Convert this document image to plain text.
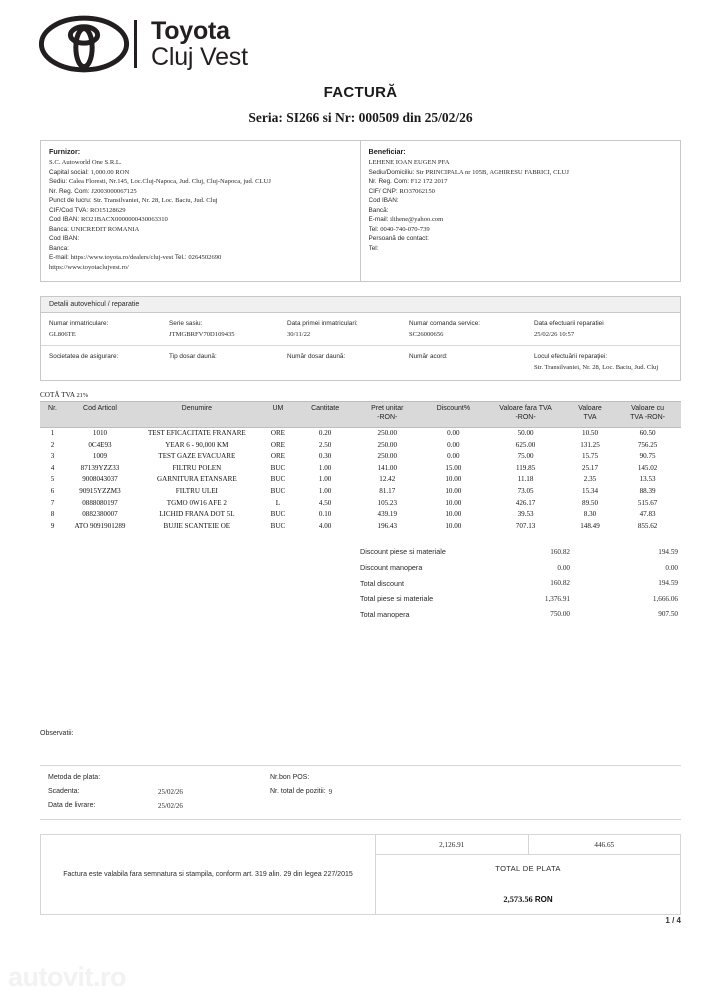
Toyota
Cluj Vest
FACTURĂ
Seria: SI266 si Nr: 000509 din 25/02/26
Furnizor:
S.C. Autoworld One S.R.L.
Capital social: 1,000.00 RON
Sediu: Calea Floresti, Nr.145, Loc.Cluj-Napoca, Jud. Cluj, Cluj-Napoca, jud. CLUJ
Nr. Reg. Com: J2003000067125
Punct de lucru: Str. Transilvaniei, Nr. 28, Loc. Baciu, Jud. Cluj
CIF/Cod TVA: RO15128629
Cod IBAN: RO21BACX0000000430063310
Banca: UNICREDIT ROMANIA
Cod IBAN:
Banca:
E-mail: https://www.toyota.ro/dealers/cluj-vest Tel.: 0264502690
https://www.toyotaclujvest.ro/
Beneficiar:
LEHENE IOAN EUGEN PFA
Sediu/Domiciliu: Str PRINCIPALA nr 105B, AGHIRESU FABRICI, CLUJ
Nr. Reg. Com: F12 172 2017
CIF/ CNP: RO37062150
Cod IBAN:
Bancă:
E-mail: ilihene@yahoo.com
Tel: 0040-740-070-739
Persoană de contact:
Tel:
Detalii autovehicul / reparatie
Numar inmatriculare:
GL806TE
Serie sasiu:
JTMGBRFV70D109435
Data primei inmatriculari:
30/11/22
Numar comanda service:
SC26000656
Data efectuarii reparatiei
25/02/26 10:57
Societatea de asigurare:	Tip dosar daună:	Număr dosar daună:	Număr acord:	Locul efectuării reparaţiei:
Str. Transilvaniei, Nr. 28, Loc. Baciu, Jud. Cluj
COTĂ TVA 21%
Nr.	Cod Articol	Denumire	UM	Cantitate	Pret unitar
-RON-	Discount%	Valoare fara TVA
-RON-	Valoare
TVA	Valoare cu
TVA -RON-
1	1010	TEST EFICACITATE FRANARE	ORE	0.20	250.00	0.00	50.00	10.50	60.50
2	0C4E93	YEAR 6 - 90,000 KM	ORE	2.50	250.00	0.00	625.00	131.25	756.25
3	1009	TEST GAZE EVACUARE	ORE	0.30	250.00	0.00	75.00	15.75	90.75
4	87139YZZ33	FILTRU POLEN	BUC	1.00	141.00	15.00	119.85	25.17	145.02
5	9008043037	GARNITURA ETANSARE	BUC	1.00	12.42	10.00	11.18	2.35	13.53
6	90915YZZM3	FILTRU ULEI	BUC	1.00	81.17	10.00	73.05	15.34	88.39
7	0888080197	TGMO 0W16 AFE 2	L	4.50	105.23	10.00	426.17	89.50	515.67
8	0882380007	LICHID FRANA DOT 5L	BUC	0.10	439.19	10.00	39.53	8.30	47.83
9	ATO 9091901289	BUJIE SCANTEIE OE	BUC	4.00	196.43	10.00	707.13	148.49	855.62
Discount piese si materiale	160.82	194.59
Discount manopera	0.00	0.00
Total discount	160.82	194.59
Total piese si materiale	1,376.91	1,666.06
Total manopera	750.00	907.50
Observatii:
Metoda de plata:
Scadenta:	25/02/26
Data de livrare:	25/02/26
Nr.bon POS:
Nr. total de pozitii: 9

Factura este valabila fara semnatura si stampila, conform art. 319 alin. 29 din legea 227/2015

2,126.91	446.65
TOTAL DE PLATA
2,573.56 RON
1 / 4
autovit.ro
